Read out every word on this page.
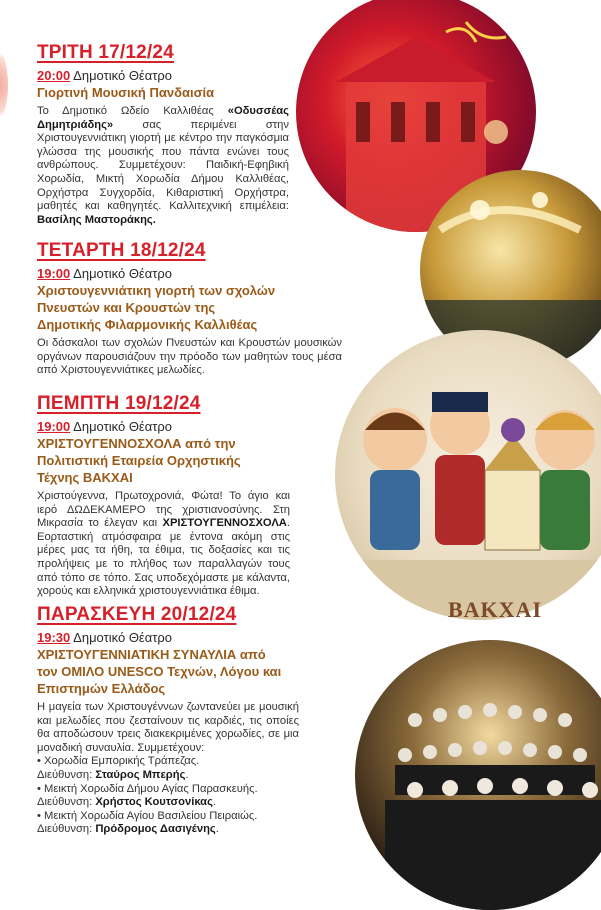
ΒΑΚΧΑΙ
ΤΡΙΤΗ 17/12/24
20:00 Δημοτικό Θέατρο
Γιορτινή Μουσική Πανδαισία
Το Δημοτικό Ωδείο Καλλιθέας «Οδυσσέας Δημητριάδης» σας περιμένει στην Χριστουγεννιάτικη γιορτή με κέντρο την παγκόσμια γλώσσα της μουσικής που πάντα ενώνει τους ανθρώπους. Συμμετέχουν: Παιδική-Εφηβική Χορωδία, Μικτή Χορωδία Δήμου Καλλιθέας, Ορχήστρα Συγχορδία, Κιθαριστική Ορχήστρα, μαθητές και καθηγητές. Καλλιτεχνική επιμέλεια: Βασίλης Μαστοράκης.
ΤΕΤΑΡΤΗ 18/12/24
19:00 Δημοτικό Θέατρο
Χριστουγεννιάτικη γιορτή των σχολών Πνευστών και Κρουστών της Δημοτικής Φιλαρμονικής Καλλιθέας
Οι δάσκαλοι των σχολών Πνευστών και Κρουστών μουσικών οργάνων παρουσιάζουν την πρόοδο των μαθητών τους μέσα από Χριστουγεννιάτικες μελωδίες.
ΠΕΜΠΤΗ 19/12/24
19:00 Δημοτικό Θέατρο
ΧΡΙΣΤΟΥΓΕΝΝΟΣΧΟΛΑ από την Πολιτιστική Εταιρεία Ορχηστικής Τέχνης ΒΑΚΧΑΙ
Χριστούγεννα, Πρωτοχρονιά, Φώτα! Το άγιο και ιερό ΔΩΔΕΚΑΜΕΡΟ της χριστιανοσύνης. Στη Μικρασία το έλεγαν και ΧΡΙΣΤΟΥΓΕΝΝΟΣΧΟΛΑ. Εορταστική ατμόσφαιρα με έντονα ακόμη στις μέρες μας τα ήθη, τα έθιμα, τις δοξασίες και τις προλήψεις με το πλήθος των παραλλαγών τους από τόπο σε τόπο. Σας υποδεχόμαστε με κάλαντα, χορούς και ελληνικά χριστουγεννιάτικα έθιμα.
ΠΑΡΑΣΚΕΥΗ 20/12/24
19:30 Δημοτικό Θέατρο
ΧΡΙΣΤΟΥΓΕΝΝΙΑΤΙΚΗ ΣΥΝΑΥΛΙΑ από τον ΟΜΙΛΟ UNESCO Τεχνών, Λόγου και Επιστημών Ελλάδος
Η μαγεία των Χριστουγέννων ζωντανεύει με μουσική και μελωδίες που ζεσταίνουν τις καρδιές, τις οποίες θα αποδώσουν τρεις διακεκριμένες χορωδίες, σε μια μοναδική συναυλία. Συμμετέχουν:
• Χορωδία Εμπορικής Τράπεζας.
Διεύθυνση: Σταύρος Μπερής.
• Μεικτή Χορωδία Δήμου Αγίας Παρασκευής.
Διεύθυνση: Χρήστος Κουτσονίκας.
• Μεικτή Χορωδία Αγίου Βασιλείου Πειραιώς.
Διεύθυνση: Πρόδρομος Δασιγένης.
